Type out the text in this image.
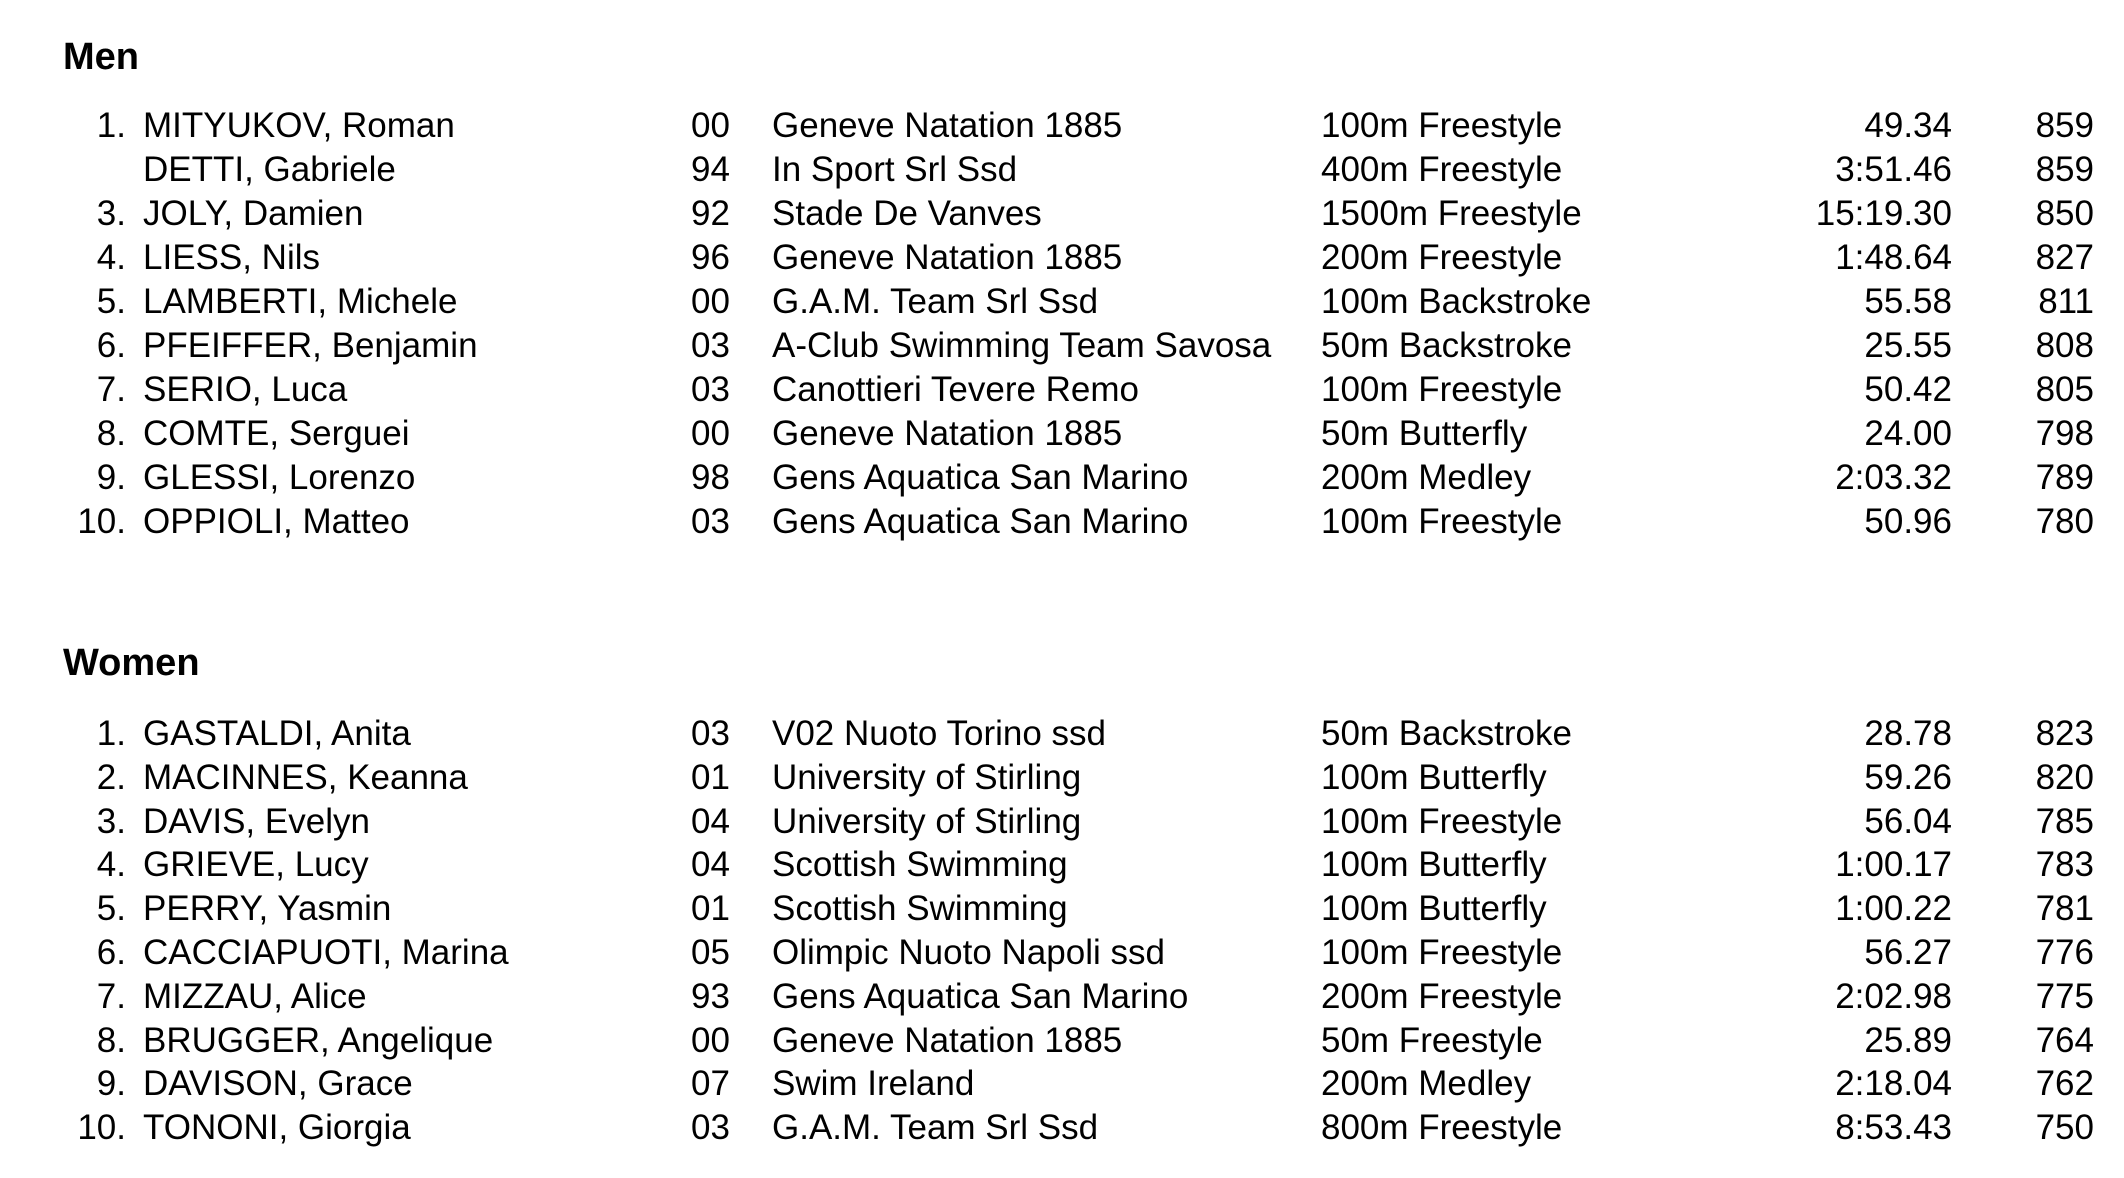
Men
1. MITYUKOV, Roman	00 Geneve Natation 1885	100m Freestyle	49.34 859
DETTI, Gabriele	94 In Sport Srl Ssd	400m Freestyle	3:51.46 859
3. JOLY, Damien	92 Stade De Vanves	1500m Freestyle	15:19.30 850
4. LIESS, Nils	96 Geneve Natation 1885	200m Freestyle	1:48.64 827
5. LAMBERTI, Michele	00 G.A.M. Team Srl Ssd	100m Backstroke	55.58 811
6. PFEIFFER, Benjamin	03 A-Club Swimming Team Savosa 50m Backstroke	25.55 808
7. SERIO, Luca	03 Canottieri Tevere Remo	100m Freestyle	50.42 805
8. COMTE, Serguei	00 Geneve Natation 1885	50m Butterfly	24.00 798
9. GLESSI, Lorenzo	98 Gens Aquatica San Marino	200m Medley	2:03.32 789
10. OPPIOLI, Matteo	03 Gens Aquatica San Marino	100m Freestyle	50.96 780
Women
1. GASTALDI, Anita	03 V02 Nuoto Torino ssd	50m Backstroke	28.78 823
2. MACINNES, Keanna	01 University of Stirling	100m Butterfly	59.26 820
3. DAVIS, Evelyn	04 University of Stirling	100m Freestyle	56.04 785
4. GRIEVE, Lucy	04 Scottish Swimming	100m Butterfly	1:00.17 783
5. PERRY, Yasmin	01 Scottish Swimming	100m Butterfly	1:00.22 781
6. CACCIAPUOTI, Marina	05 Olimpic Nuoto Napoli ssd	100m Freestyle	56.27 776
7. MIZZAU, Alice	93 Gens Aquatica San Marino	200m Freestyle	2:02.98 775
8. BRUGGER, Angelique	00 Geneve Natation 1885	50m Freestyle	25.89 764
9. DAVISON, Grace	07 Swim Ireland	200m Medley	2:18.04 762
10. TONONI, Giorgia	03 G.A.M. Team Srl Ssd	800m Freestyle	8:53.43 750
